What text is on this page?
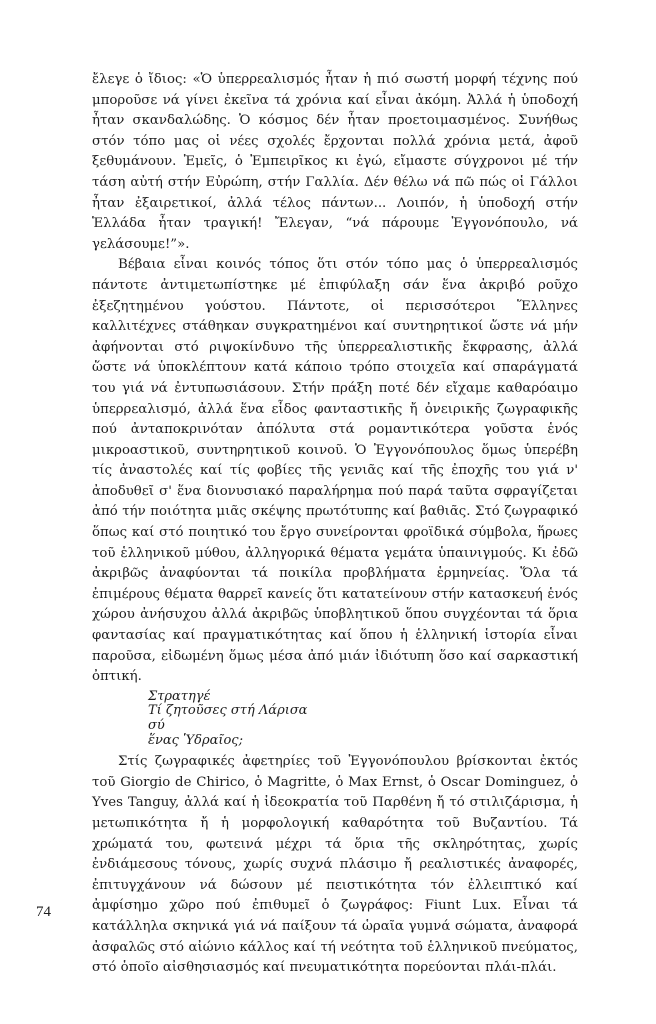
ἔλεγε ὁ ἴδιος: «Ὁ ὑπερρεαλισμός ἦταν ἡ πιό σωστή μορφή τέχνης πού μποροῦσε νά γίνει ἐκεῖνα τά χρόνια καί εἶναι ἀκόμη. Ἀλλά ἡ ὑποδοχή ἦταν σκανδαλώδης. Ὁ κόσμος δέν ἦταν προετοιμασμένος. Συνήθως στόν τόπο μας οἱ νέες σχολές ἔρχονται πολλά χρόνια μετά, ἀφοῦ ξεθυμάνουν. Ἐμεῖς, ὁ Ἐμπειρῖκος κι ἐγώ, εἴμαστε σύγχρονοι μέ τήν τάση αὐτή στήν Εὐρώπη, στήν Γαλλία. Δέν θέλω νά πῶ πώς οἱ Γάλλοι ἦταν ἐξαιρετικοί, ἀλλά τέλος πάντων... Λοιπόν, ἡ ὑποδοχή στήν Ἑλλάδα ἦταν τραγική! Ἔλεγαν, “νά πάρουμε Ἐγγονόπουλο, νά γελάσουμε!”».

Βέβαια εἶναι κοινός τόπος ὅτι στόν τόπο μας ὁ ὑπερρεαλισμός πάντοτε ἀντιμετωπίστηκε μέ ἐπιφύλαξη σάν ἕνα ἀκριβό ροῦχο ἐξεζητημένου γούστου. Πάντοτε, οἱ περισσότεροι Ἕλληνες καλλιτέχνες στάθηκαν συγκρατημένοι καί συντηρητικοί ὥστε νά μήν ἀφήνονται στό ριψοκίνδυνο τῆς ὑπερρεαλιστικῆς ἔκφρασης, ἀλλά ὥστε νά ὑποκλέπτουν κατά κάποιο τρόπο στοιχεῖα καί σπαράγματά του γιά νά ἐντυπωσιάσουν. Στήν πράξη ποτέ δέν εἴχαμε καθαρόαιμο ὑπερρεαλισμό, ἀλλά ἕνα εἶδος φανταστικῆς ἤ ὀνειρικῆς ζωγραφικῆς πού ἀνταποκρινόταν ἀπόλυτα στά ρομαντικότερα γοῦστα ἑνός μικροαστικοῦ, συντηρητικοῦ κοινοῦ. Ὁ Ἐγγονόπουλος ὅμως ὑπερέβη τίς ἀναστολές καί τίς φοβίες τῆς γενιᾶς καί τῆς ἐποχῆς του γιά ν' ἀποδυθεῖ σ' ἕνα διονυσιακό παραλήρημα πού παρά ταῦτα σφραγίζεται ἀπό τήν ποιότητα μιᾶς σκέψης πρωτότυπης καί βαθιᾶς. Στό ζωγραφικό ὅπως καί στό ποιητικό του ἔργο συνείρονται φροϊδικά σύμβολα, ἥρωες τοῦ ἑλληνικοῦ μύθου, ἀλληγορικά θέματα γεμάτα ὑπαινιγμούς. Κι ἐδῶ ἀκριβῶς ἀναφύονται τά ποικίλα προβλήματα ἑρμηνείας. Ὅλα τά ἐπιμέρους θέματα θαρρεῖ κανείς ὅτι κατατείνουν στήν κατασκευή ἑνός χώρου ἀνήσυχου ἀλλά ἀκριβῶς ὑποβλητικοῦ ὅπου συγχέονται τά ὅρια φαντασίας καί πραγματικότητας καί ὅπου ἡ ἑλληνική ἱστορία εἶναι παροῦσα, εἰδωμένη ὅμως μέσα ἀπό μιάν ἰδιότυπη ὅσο καί σαρκαστική ὀπτική.

Στρατηγέ
Τί ζητοῦσες στή Λάρισα
σύ
ἕνας Ὑδραῖος;

Στίς ζωγραφικές ἀφετηρίες τοῦ Ἐγγονόπουλου βρίσκονται ἐκτός τοῦ Giorgio de Chirico, ὁ Magritte, ὁ Max Ernst, ὁ Oscar Dominguez, ὁ Yves Tanguy, ἀλλά καί ἡ ἰδεοκρατία τοῦ Παρθένη ἤ τό στιλιζάρισμα, ἡ μετωπικότητα ἤ ἡ μορφολογική καθαρότητα τοῦ Βυζαντίου. Τά χρώματά του, φωτεινά μέχρι τά ὅρια τῆς σκληρότητας, χωρίς ἐνδιάμεσους τόνους, χωρίς συχνά πλάσιμο ἤ ρεαλιστικές ἀναφορές, ἐπιτυγχάνουν νά δώσουν μέ πειστικότητα τόν ἐλλειπτικό καί ἀμφίσημο χῶρο πού ἐπιθυμεῖ ὁ ζωγράφος: Fiunt Lux. Εἶναι τά κατάλληλα σκηνικά γιά νά παίξουν τά ὡραῖα γυμνά σώματα, ἀναφορά ἀσφαλῶς στό αἰώνιο κάλλος καί τή νεότητα τοῦ ἑλληνικοῦ πνεύματος, στό ὁποῖο αἰσθησιασμός καί πνευματικότητα πορεύονται πλάι-πλάι.

74
